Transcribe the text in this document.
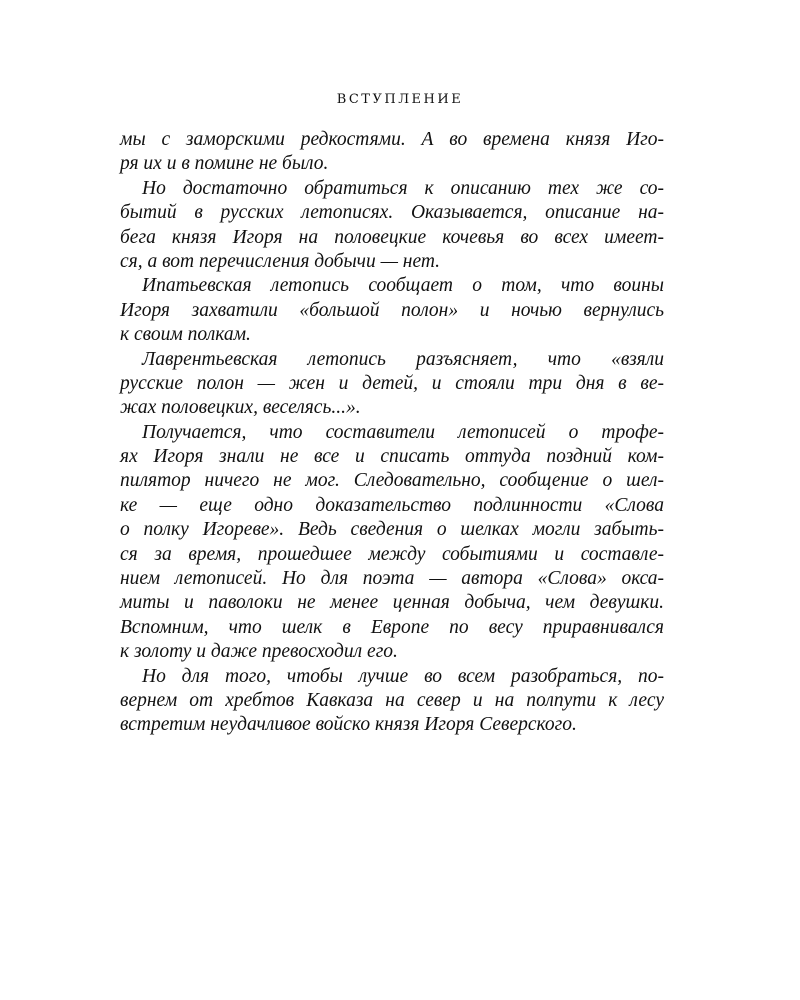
ВСТУПЛЕНИЕ
мы с заморскими редкостями. А во времена князя Иго-
ря их и в помине не было.
Но достаточно обратиться к описанию тех же со-
бытий в русских летописях. Оказывается, описание на-
бега князя Игоря на половецкие кочевья во всех имеет-
ся, а вот перечисления добычи — нет.
Ипатьевская летопись сообщает о том, что воины
Игоря захватили «большой полон» и ночью вернулись
к своим полкам.
Лаврентьевская летопись разъясняет, что «взяли
русские полон — жен и детей, и стояли три дня в ве-
жах половецких, веселясь...».
Получается, что составители летописей о трофе-
ях Игоря знали не все и списать оттуда поздний ком-
пилятор ничего не мог. Следовательно, сообщение о шел-
ке — еще одно доказательство подлинности «Слова
о полку Игореве». Ведь сведения о шелках могли забыть-
ся за время, прошедшее между событиями и составле-
нием летописей. Но для поэта — автора «Слова» окса-
миты и паволоки не менее ценная добыча, чем девушки.
Вспомним, что шелк в Европе по весу приравнивался
к золоту и даже превосходил его.
Но для того, чтобы лучше во всем разобраться, по-
вернем от хребтов Кавказа на север и на полпути к лесу
встретим неудачливое войско князя Игоря Северского.
